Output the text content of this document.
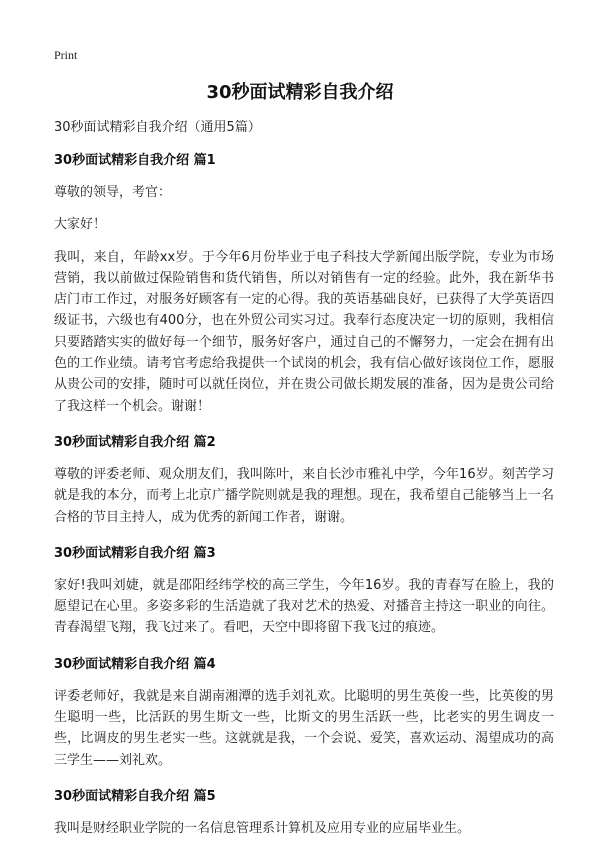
Print
30秒面试精彩自我介绍

30秒面试精彩自我介绍（通用5篇）

30秒面试精彩自我介绍 篇1

尊敬的领导，考官：

大家好！

我叫，来自，年龄xx岁。于今年6月份毕业于电子科技大学新闻出版学院，专业为市场营销，我以前做过保险销售和货代销售，所以对销售有一定的经验。此外，我在新华书店门市工作过，对服务好顾客有一定的心得。我的英语基础良好，已获得了大学英语四级证书，六级也有400分，也在外贸公司实习过。我奉行态度决定一切的原则，我相信只要踏踏实实的做好每一个细节，服务好客户，通过自己的不懈努力，一定会在拥有出色的工作业绩。请考官考虑给我提供一个试岗的机会，我有信心做好该岗位工作，愿服从贵公司的安排，随时可以就任岗位，并在贵公司做长期发展的准备，因为是贵公司给了我这样一个机会。谢谢！

30秒面试精彩自我介绍 篇2

尊敬的评委老师、观众朋友们，我叫陈叶，来自长沙市雅礼中学，今年16岁。刻苦学习就是我的本分，而考上北京广播学院则就是我的理想。现在，我希望自己能够当上一名合格的节目主持人，成为优秀的新闻工作者，谢谢。

30秒面试精彩自我介绍 篇3

家好!我叫刘婕，就是邵阳经纬学校的高三学生，今年16岁。我的青春写在脸上，我的愿望记在心里。多姿多彩的生活造就了我对艺术的热爱、对播音主持这一职业的向往。青春渴望飞翔，我飞过来了。看吧，天空中即将留下我飞过的痕迹。

30秒面试精彩自我介绍 篇4

评委老师好，我就是来自湖南湘潭的选手刘礼欢。比聪明的男生英俊一些，比英俊的男生聪明一些，比活跃的男生斯文一些，比斯文的男生活跃一些，比老实的男生调皮一些，比调皮的男生老实一些。这就就是我，一个会说、爱笑，喜欢运动、渴望成功的高三学生——刘礼欢。

30秒面试精彩自我介绍 篇5

我叫是财经职业学院的一名信息管理系计算机及应用专业的应届毕业生。
